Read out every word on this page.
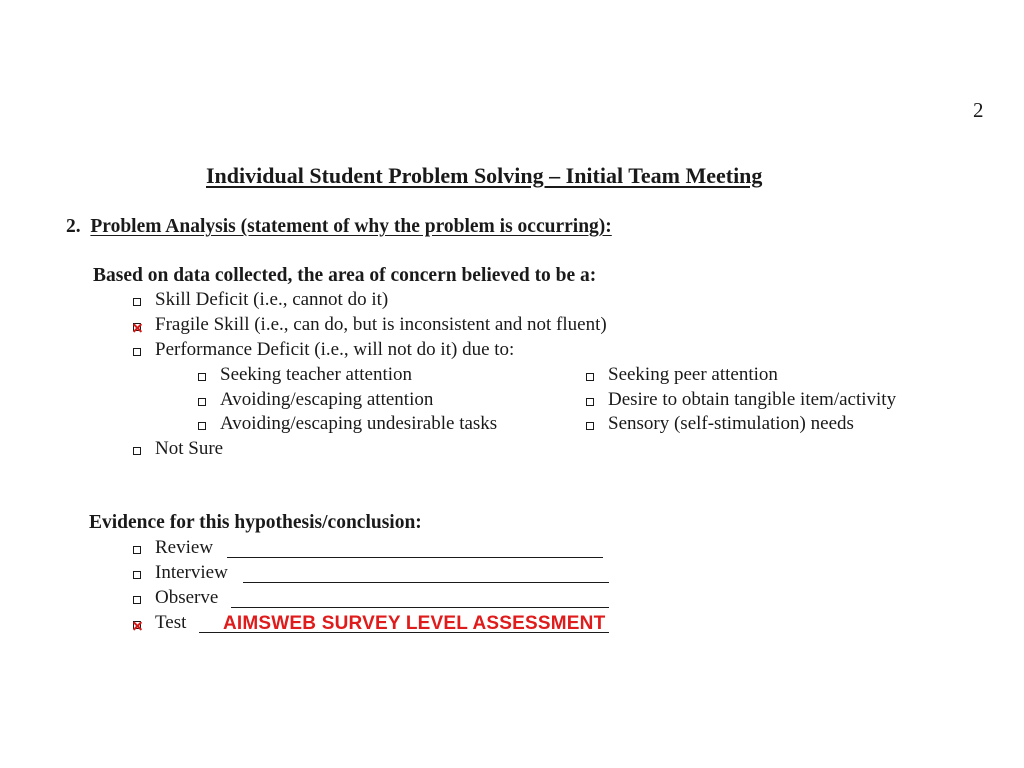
2
Individual Student Problem Solving – Initial Team Meeting
2. Problem Analysis (statement of why the problem is occurring):
Based on data collected, the area of concern believed to be a:
Skill Deficit (i.e., cannot do it)
Fragile Skill (i.e., can do, but is inconsistent and not fluent)
Performance Deficit (i.e., will not do it) due to:
Seeking teacher attention
Avoiding/escaping attention
Avoiding/escaping undesirable tasks
Seeking peer attention
Desire to obtain tangible item/activity
Sensory (self-stimulation) needs
Not Sure
Evidence for this hypothesis/conclusion:
Review
Interview
Observe
Test AIMSWEB SURVEY LEVEL ASSESSMENT
